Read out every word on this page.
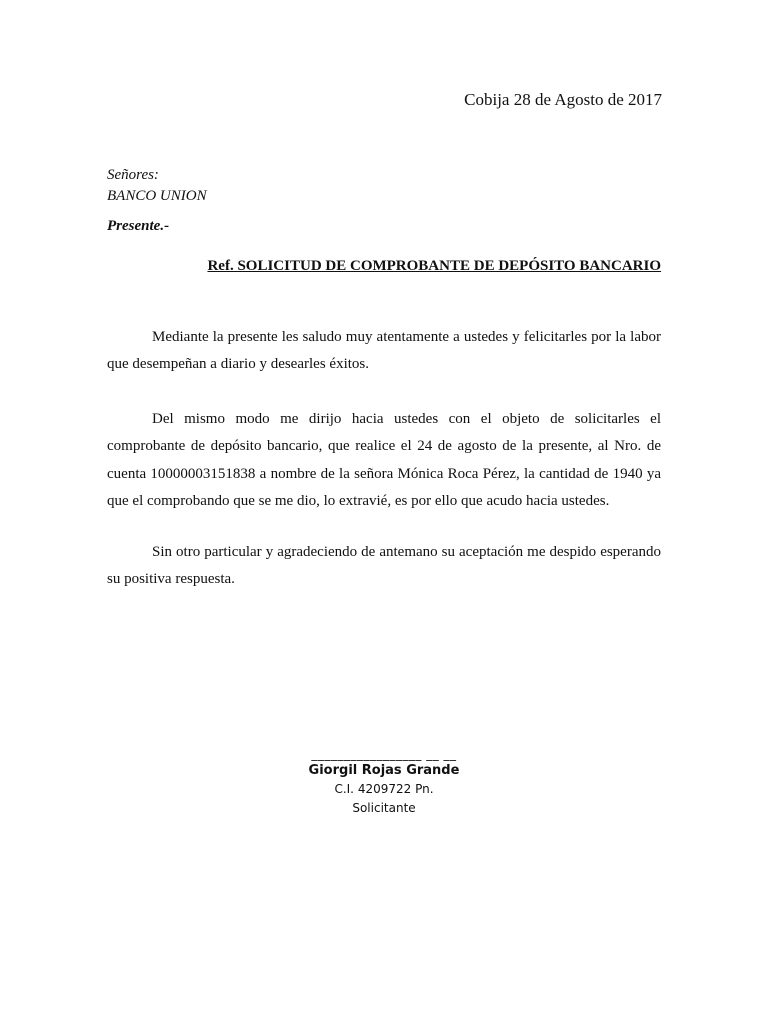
Cobija 28 de Agosto de 2017
Señores:
BANCO UNION
Presente.-
Ref. SOLICITUD DE COMPROBANTE DE DEPÓSITO BANCARIO

Mediante la presente les saludo muy atentamente a ustedes y felicitarles por la labor que desempeñan a diario y desearles éxitos.

Del mismo modo me dirijo hacia ustedes con el objeto de solicitarles el comprobante de depósito bancario, que realice el 24 de agosto de la presente, al Nro. de cuenta 10000003151838 a nombre de la señora Mónica Roca Pérez, la cantidad de 1940 ya que el comprobando que se me dio, lo extravié, es por ello que acudo hacia ustedes.

Sin otro particular y agradeciendo de antemano su aceptación me despido esperando su positiva respuesta.

_________________ __ __
Giorgil Rojas Grande
C.I. 4209722 Pn.
Solicitante
